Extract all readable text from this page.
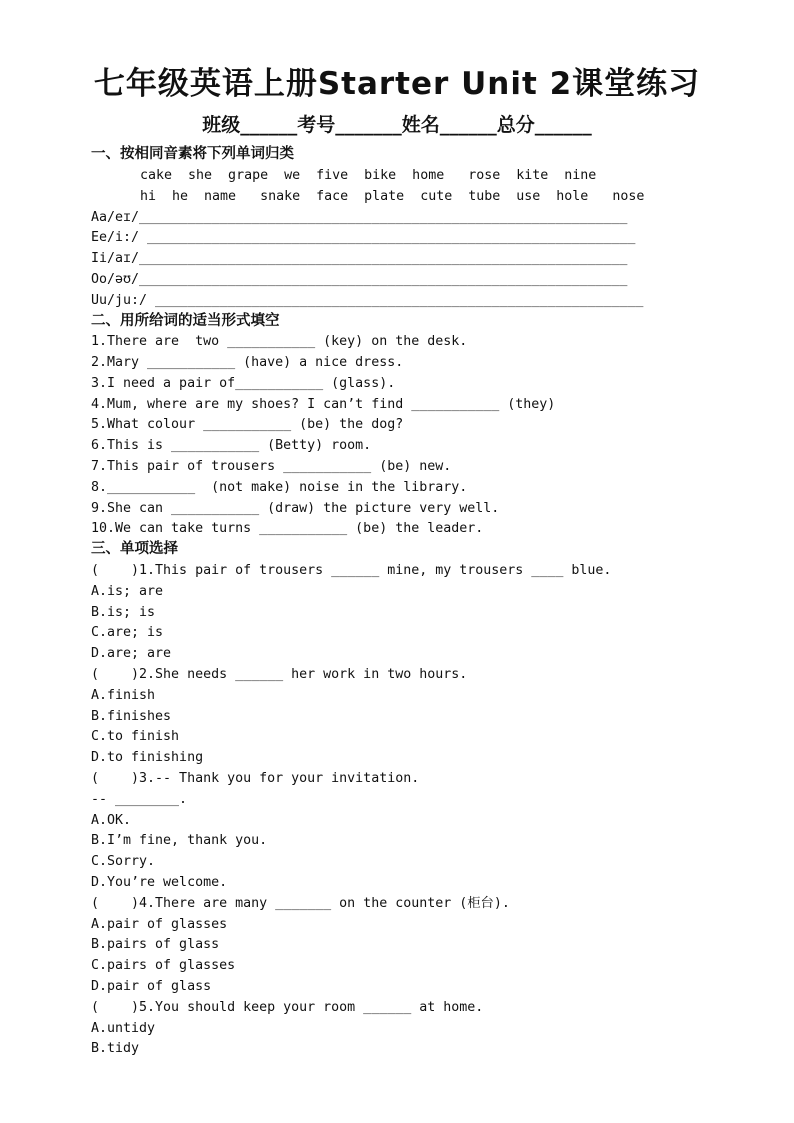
七年级英语上册Starter Unit 2课堂练习
班级______考号_______姓名______总分______
一、按相同音素将下列单词归类
cake  she  grape  we  five  bike  home   rose  kite  nine
hi  he  name   snake  face  plate  cute  tube  use  hole   nose
Aa/eɪ/_____________________________________________________________
Ee/i:/ _____________________________________________________________
Ii/aɪ/_____________________________________________________________
Oo/əʊ/_____________________________________________________________
Uu/ju:/ _____________________________________________________________
二、用所给词的适当形式填空
1.There are  two ___________ (key) on the desk.
2.Mary ___________ (have) a nice dress.
3.I need a pair of___________ (glass).
4.Mum, where are my shoes? I can’t find ___________ (they)
5.What colour ___________ (be) the dog?
6.This is ___________ (Betty) room.
7.This pair of trousers ___________ (be) new.
8.___________  (not make) noise in the library.
9.She can ___________ (draw) the picture very well.
10.We can take turns ___________ (be) the leader.
三、单项选择
(    )1.This pair of trousers ______ mine, my trousers ____ blue.
A.is; are
B.is; is
C.are; is
D.are; are
(    )2.She needs ______ her work in two hours.
A.finish
B.finishes
C.to finish
D.to finishing
(    )3.-- Thank you for your invitation.
-- ________.
A.OK.
B.I’m fine, thank you.
C.Sorry.
D.You’re welcome.
(    )4.There are many _______ on the counter (柜台).
A.pair of glasses
B.pairs of glass
C.pairs of glasses
D.pair of glass
(    )5.You should keep your room ______ at home.
A.untidy
B.tidy
